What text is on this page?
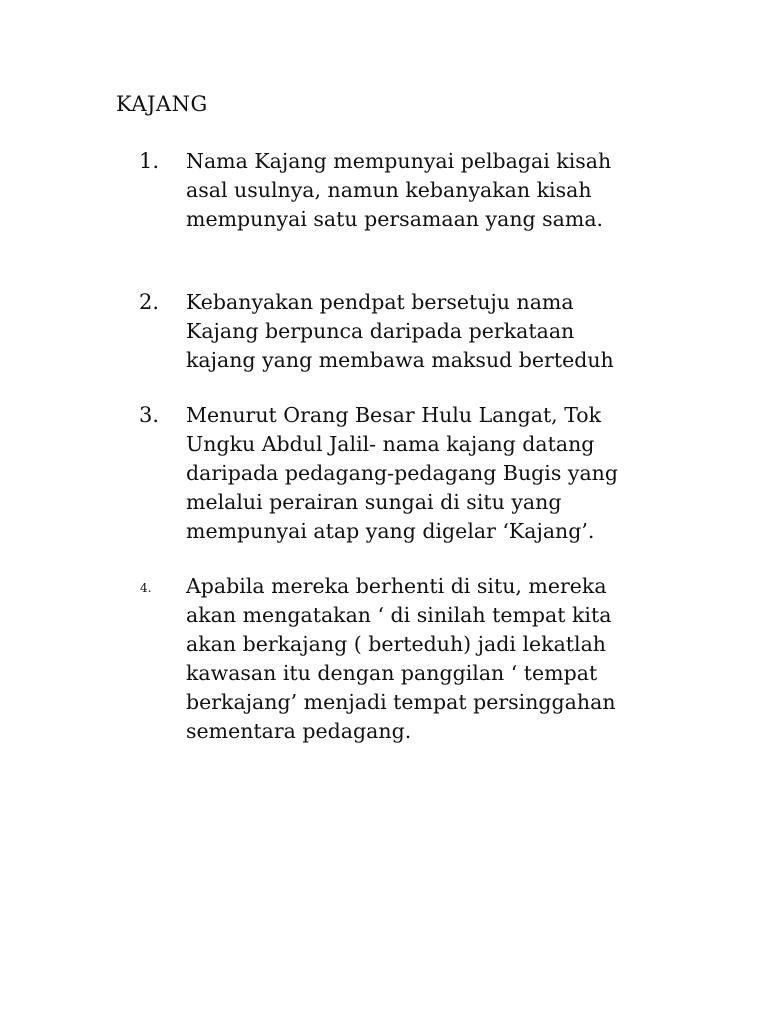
KAJANG
1. Nama Kajang mempunyai pelbagai kisah
asal usulnya, namun kebanyakan kisah
mempunyai satu persamaan yang sama.
2. Kebanyakan pendpat bersetuju nama
Kajang berpunca daripada perkataan
kajang yang membawa maksud berteduh
3. Menurut Orang Besar Hulu Langat, Tok
Ungku Abdul Jalil- nama kajang datang
daripada pedagang-pedagang Bugis yang
melalui perairan sungai di situ yang
mempunyai atap yang digelar ‘Kajang’.
4. Apabila mereka berhenti di situ, mereka
akan mengatakan ‘ di sinilah tempat kita
akan berkajang ( berteduh) jadi lekatlah
kawasan itu dengan panggilan ‘ tempat
berkajang’ menjadi tempat persinggahan
sementara pedagang.
